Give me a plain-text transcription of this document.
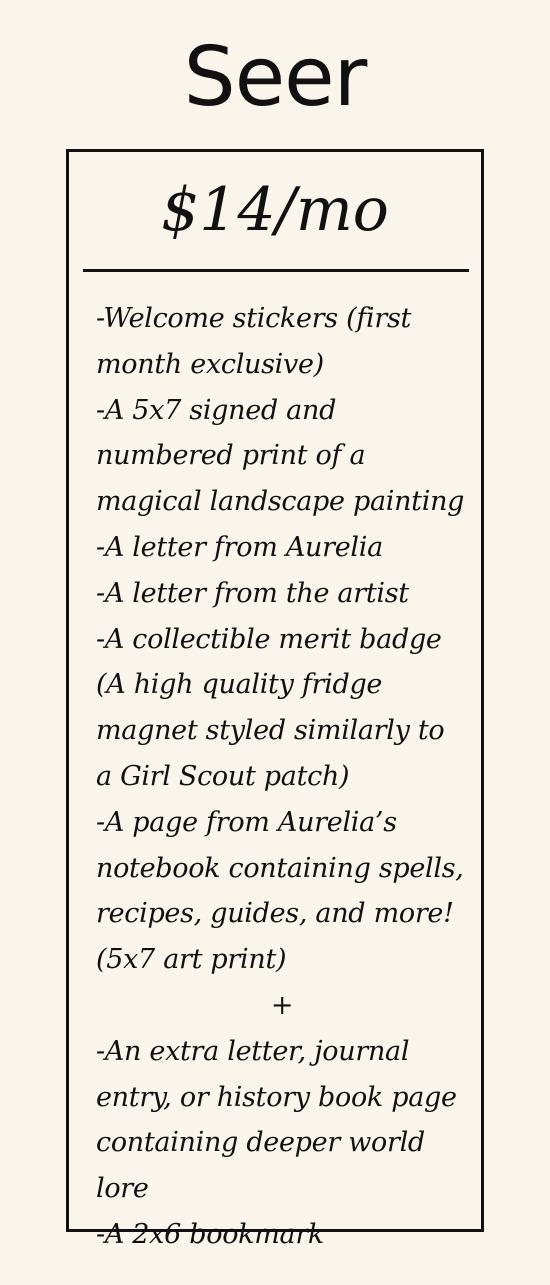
Seer
$14/mo
-Welcome stickers (first month exclusive)
-A 5x7 signed and numbered print of a magical landscape painting
-A letter from Aurelia
-A letter from the artist
-A collectible merit badge (A high quality fridge magnet styled similarly to a Girl Scout patch)
-A page from Aurelia’s notebook containing spells, recipes, guides, and more! (5x7 art print)
+
-An extra letter, journal entry, or history book page containing deeper world lore
-A 2x6 bookmark
